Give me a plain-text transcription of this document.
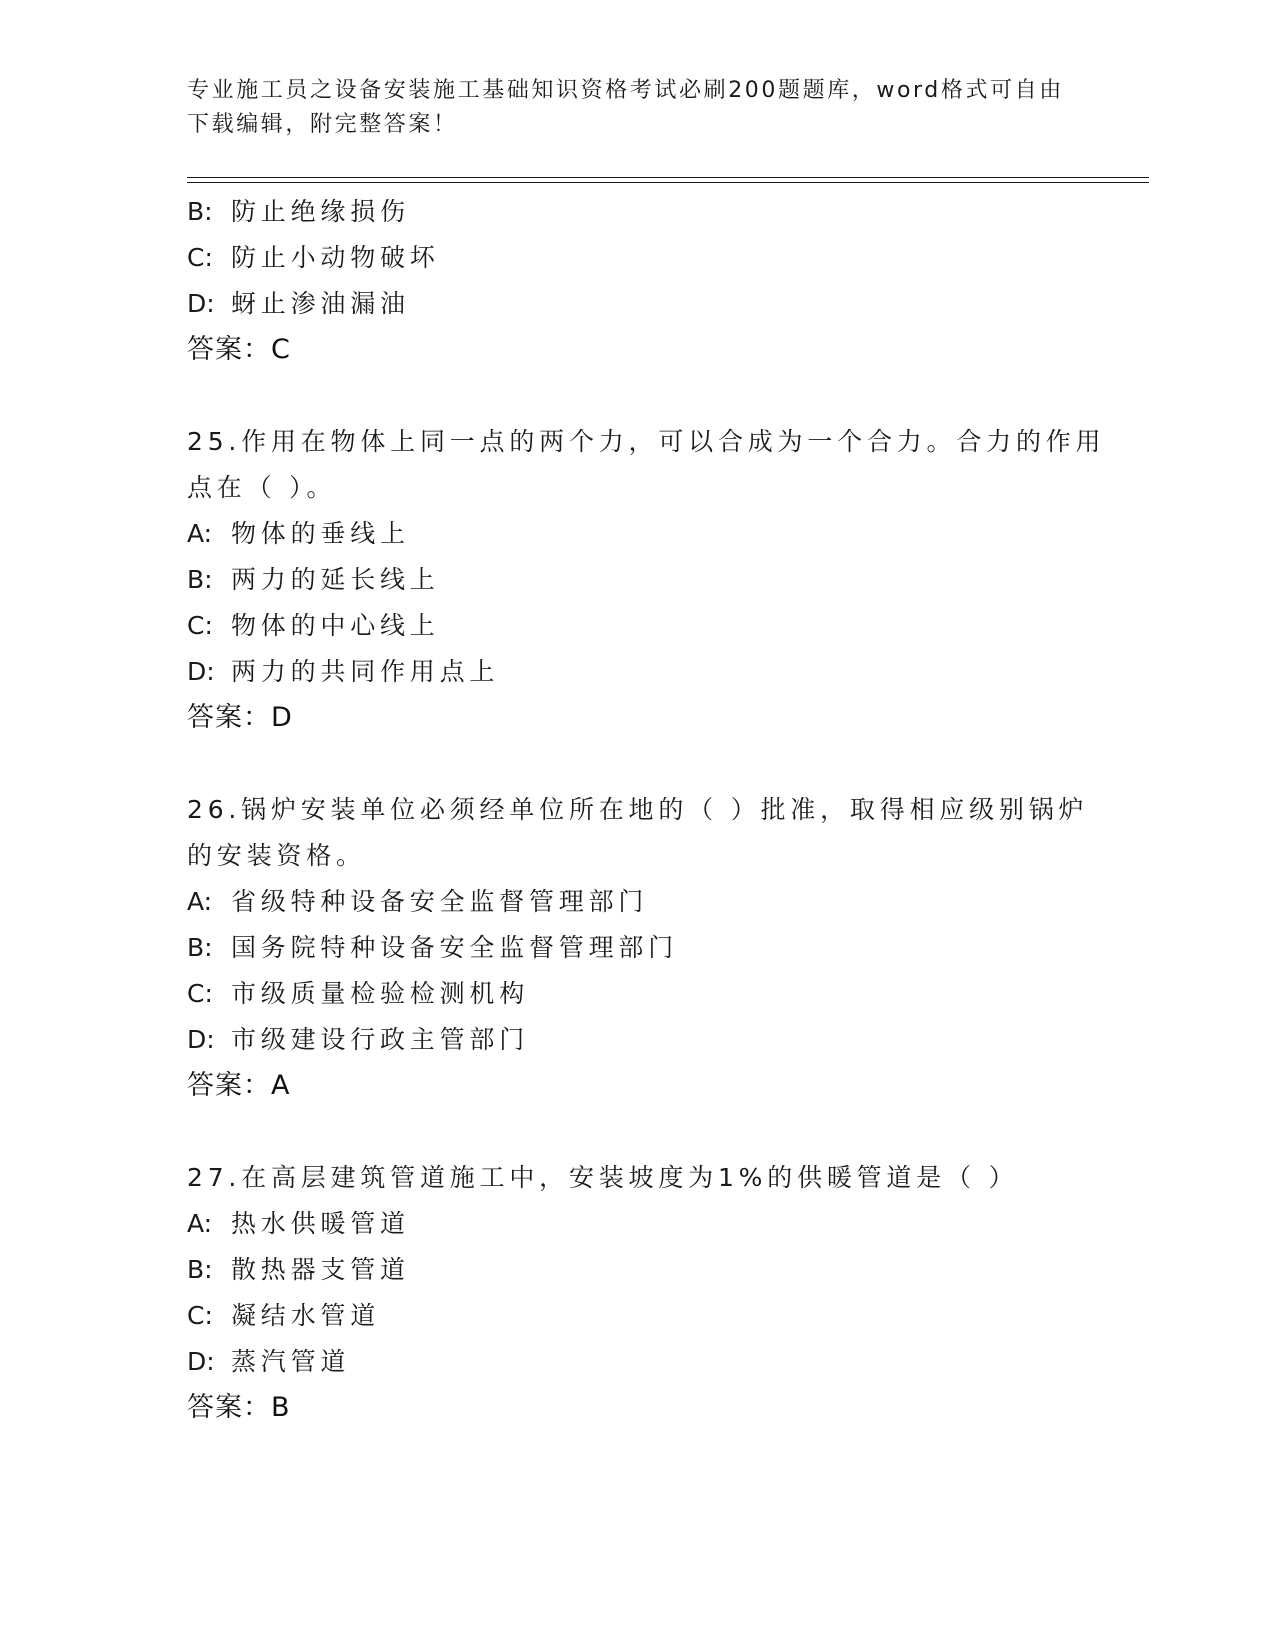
专业施工员之设备安装施工基础知识资格考试必刷200题题库，word格式可自由下载编辑，附完整答案！
B: 防止绝缘损伤
C: 防止小动物破坏
D: 蚜止渗油漏油
答案：C
25.作用在物体上同一点的两个力，可以合成为一个合力。合力的作用
点在（ ）。
A: 物体的垂线上
B: 两力的延长线上
C: 物体的中心线上
D: 两力的共同作用点上
答案：D
26.锅炉安装单位必须经单位所在地的（ ）批准，取得相应级别锅炉
的安装资格。
A: 省级特种设备安全监督管理部门
B: 国务院特种设备安全监督管理部门
C: 市级质量检验检测机构
D: 市级建设行政主管部门
答案：A
27.在高层建筑管道施工中，安装坡度为1%的供暖管道是（ ）
A: 热水供暖管道
B: 散热器支管道
C: 凝结水管道
D: 蒸汽管道
答案：B
